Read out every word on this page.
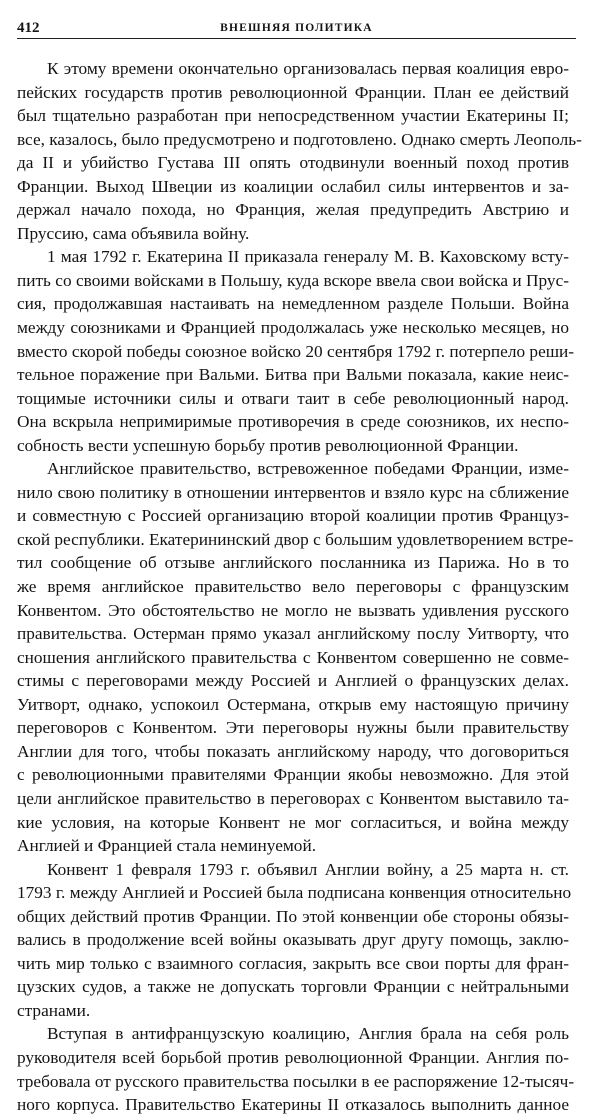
412	ВНЕШНЯЯ ПОЛИТИКА
К этому времени окончательно организовалась первая коалиция евро-
пейских государств против революционной Франции. План ее действий
был тщательно разработан при непосредственном участии Екатерины II;
все, казалось, было предусмотрено и подготовлено. Однако смерть Леополь-
да II и убийство Густава III опять отодвинули военный поход против
Франции. Выход Швеции из коалиции ослабил силы интервентов и за-
держал начало похода, но Франция, желая предупредить Австрию и
Пруссию, сама объявила войну.
1 мая 1792 г. Екатерина II приказала генералу М. В. Каховскому всту-
пить со своими войсками в Польшу, куда вскоре ввела свои войска и Прус-
сия, продолжавшая настаивать на немедленном разделе Польши. Война
между союзниками и Францией продолжалась уже несколько месяцев, но
вместо скорой победы союзное войско 20 сентября 1792 г. потерпело реши-
тельное поражение при Вальми. Битва при Вальми показала, какие неис-
тощимые источники силы и отваги таит в себе революционный народ.
Она вскрыла непримиримые противоречия в среде союзников, их неспо-
собность вести успешную борьбу против революционной Франции.
Английское правительство, встревоженное победами Франции, изме-
нило свою политику в отношении интервентов и взяло курс на сближение
и совместную с Россией организацию второй коалиции против Француз-
ской республики. Екатерининский двор с большим удовлетворением встре-
тил сообщение об отзыве английского посланника из Парижа. Но в то
же время английское правительство вело переговоры с французским
Конвентом. Это обстоятельство не могло не вызвать удивления русского
правительства. Остерман прямо указал английскому послу Уитворту, что
сношения английского правительства с Конвентом совершенно не совме-
стимы с переговорами между Россией и Англией о французских делах.
Уитворт, однако, успокоил Остермана, открыв ему настоящую причину
переговоров с Конвентом. Эти переговоры нужны были правительству
Англии для того, чтобы показать английскому народу, что договориться
с революционными правителями Франции якобы невозможно. Для этой
цели английское правительство в переговорах с Конвентом выставило та-
кие условия, на которые Конвент не мог согласиться, и война между
Англией и Францией стала неминуемой.
Конвент 1 февраля 1793 г. объявил Англии войну, а 25 марта н. ст.
1793 г. между Англией и Россией была подписана конвенция относительно
общих действий против Франции. По этой конвенции обе стороны обязы-
вались в продолжение всей войны оказывать друг другу помощь, заклю-
чить мир только с взаимного согласия, закрыть все свои порты для фран-
цузских судов, а также не допускать торговли Франции с нейтральными
странами.
Вступая в антифранцузскую коалицию, Англия брала на себя роль
руководителя всей борьбой против революционной Франции. Англия по-
требовала от русского правительства посылки в ее распоряжение 12-тысяч-
ного корпуса. Правительство Екатерины II отказалось выполнить данное
